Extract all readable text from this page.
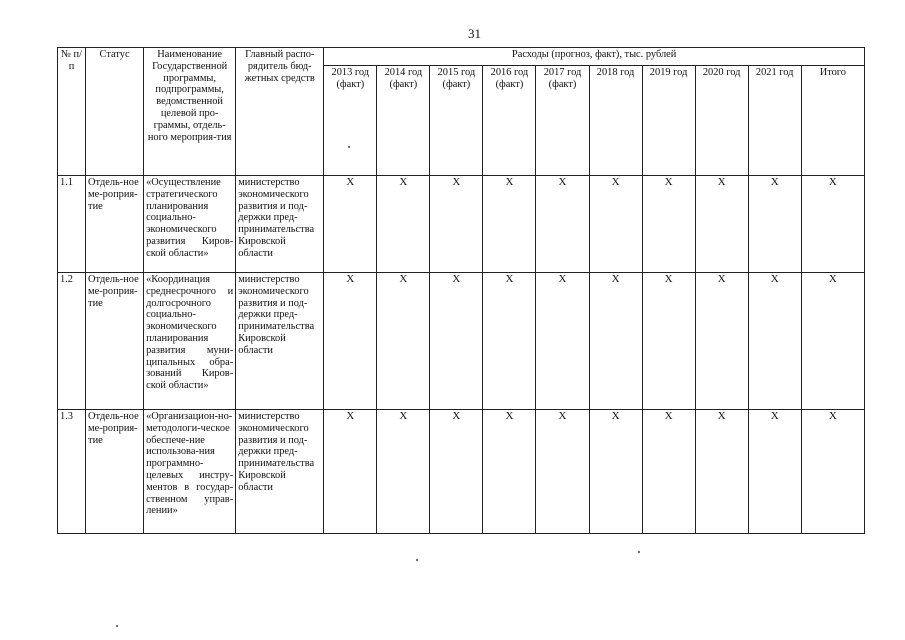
31
№ п/п	Статус	Наименование Государственной программы, подпрограммы, ведомственной целевой про-граммы, отдель-ного мероприя-тия	Главный распо-рядитель бюд-жетных средств	Расходы (прогноз, факт), тыс. рублей									
				2013 год (факт)	2014 год (факт)	2015 год (факт)	2016 год (факт)	2017 год (факт)	2018 год	2019 год	2020 год	2021 год	Итого
1.1	Отдель-ное ме-роприя-тие	«Осуществление стратегического планирования социально-экономического развития Киров-ской области»	министерство экономического развития и под-держки пред-принимательства Кировской области	X	X	X	X	X	X	X	X	X	X
1.2	Отдель-ное ме-роприя-тие	«Координация среднесрочного и долгосрочного социально-экономического планирования развития муни-ципальных обра-зований Киров-ской области»	министерство экономического развития и под-держки пред-принимательства Кировской области	X	X	X	X	X	X	X	X	X	X
1.3	Отдель-ное ме-роприя-тие	«Организацион-но-методологи-ческое обеспече-ние использова-ния программно-целевых инстру-ментов в государ-ственном управ-лении»	министерство экономического развития и под-держки пред-принимательства Кировской области	X	X	X	X	X	X	X	X	X	X
